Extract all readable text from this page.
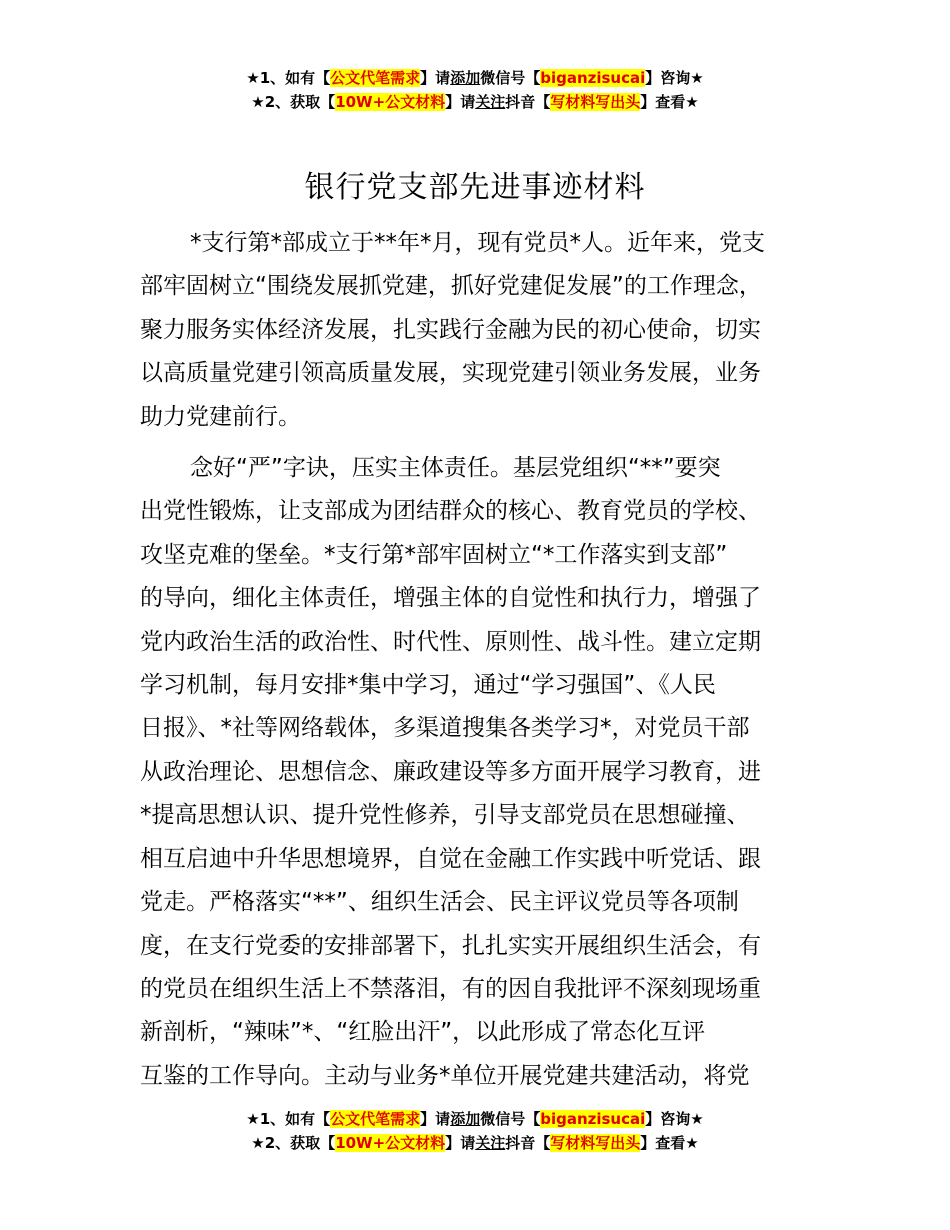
★1、如有【公文代笔需求】请添加微信号【biganzisucai】咨询★
★2、获取【10W+公文材料】请关注抖音【写材料写出头】查看★
银行党支部先进事迹材料

*支行第*部成立于**年*月，现有党员*人。近年来，党支
部牢固树立“围绕发展抓党建，抓好党建促发展”的工作理念，
聚力服务实体经济发展，扎实践行金融为民的初心使命，切实
以高质量党建引领高质量发展，实现党建引领业务发展，业务
助力党建前行。

念好“严”字诀，压实主体责任。基层党组织“**”要突
出党性锻炼，让支部成为团结群众的核心、教育党员的学校、
攻坚克难的堡垒。*支行第*部牢固树立“*工作落实到支部”
的导向，细化主体责任，增强主体的自觉性和执行力，增强了
党内政治生活的政治性、时代性、原则性、战斗性。建立定期
学习机制，每月安排*集中学习，通过“学习强国”、《人民
日报》、*社等网络载体，多渠道搜集各类学习*，对党员干部
从政治理论、思想信念、廉政建设等多方面开展学习教育，进
*提高思想认识、提升党性修养，引导支部党员在思想碰撞、
相互启迪中升华思想境界，自觉在金融工作实践中听党话、跟
党走。严格落实“**”、组织生活会、民主评议党员等各项制
度，在支行党委的安排部署下，扎扎实实开展组织生活会，有
的党员在组织生活上不禁落泪，有的因自我批评不深刻现场重
新剖析，“辣味”*、“红脸出汗”，以此形成了常态化互评
互鉴的工作导向。主动与业务*单位开展党建共建活动，将党

★1、如有【公文代笔需求】请添加微信号【biganzisucai】咨询★
★2、获取【10W+公文材料】请关注抖音【写材料写出头】查看★
